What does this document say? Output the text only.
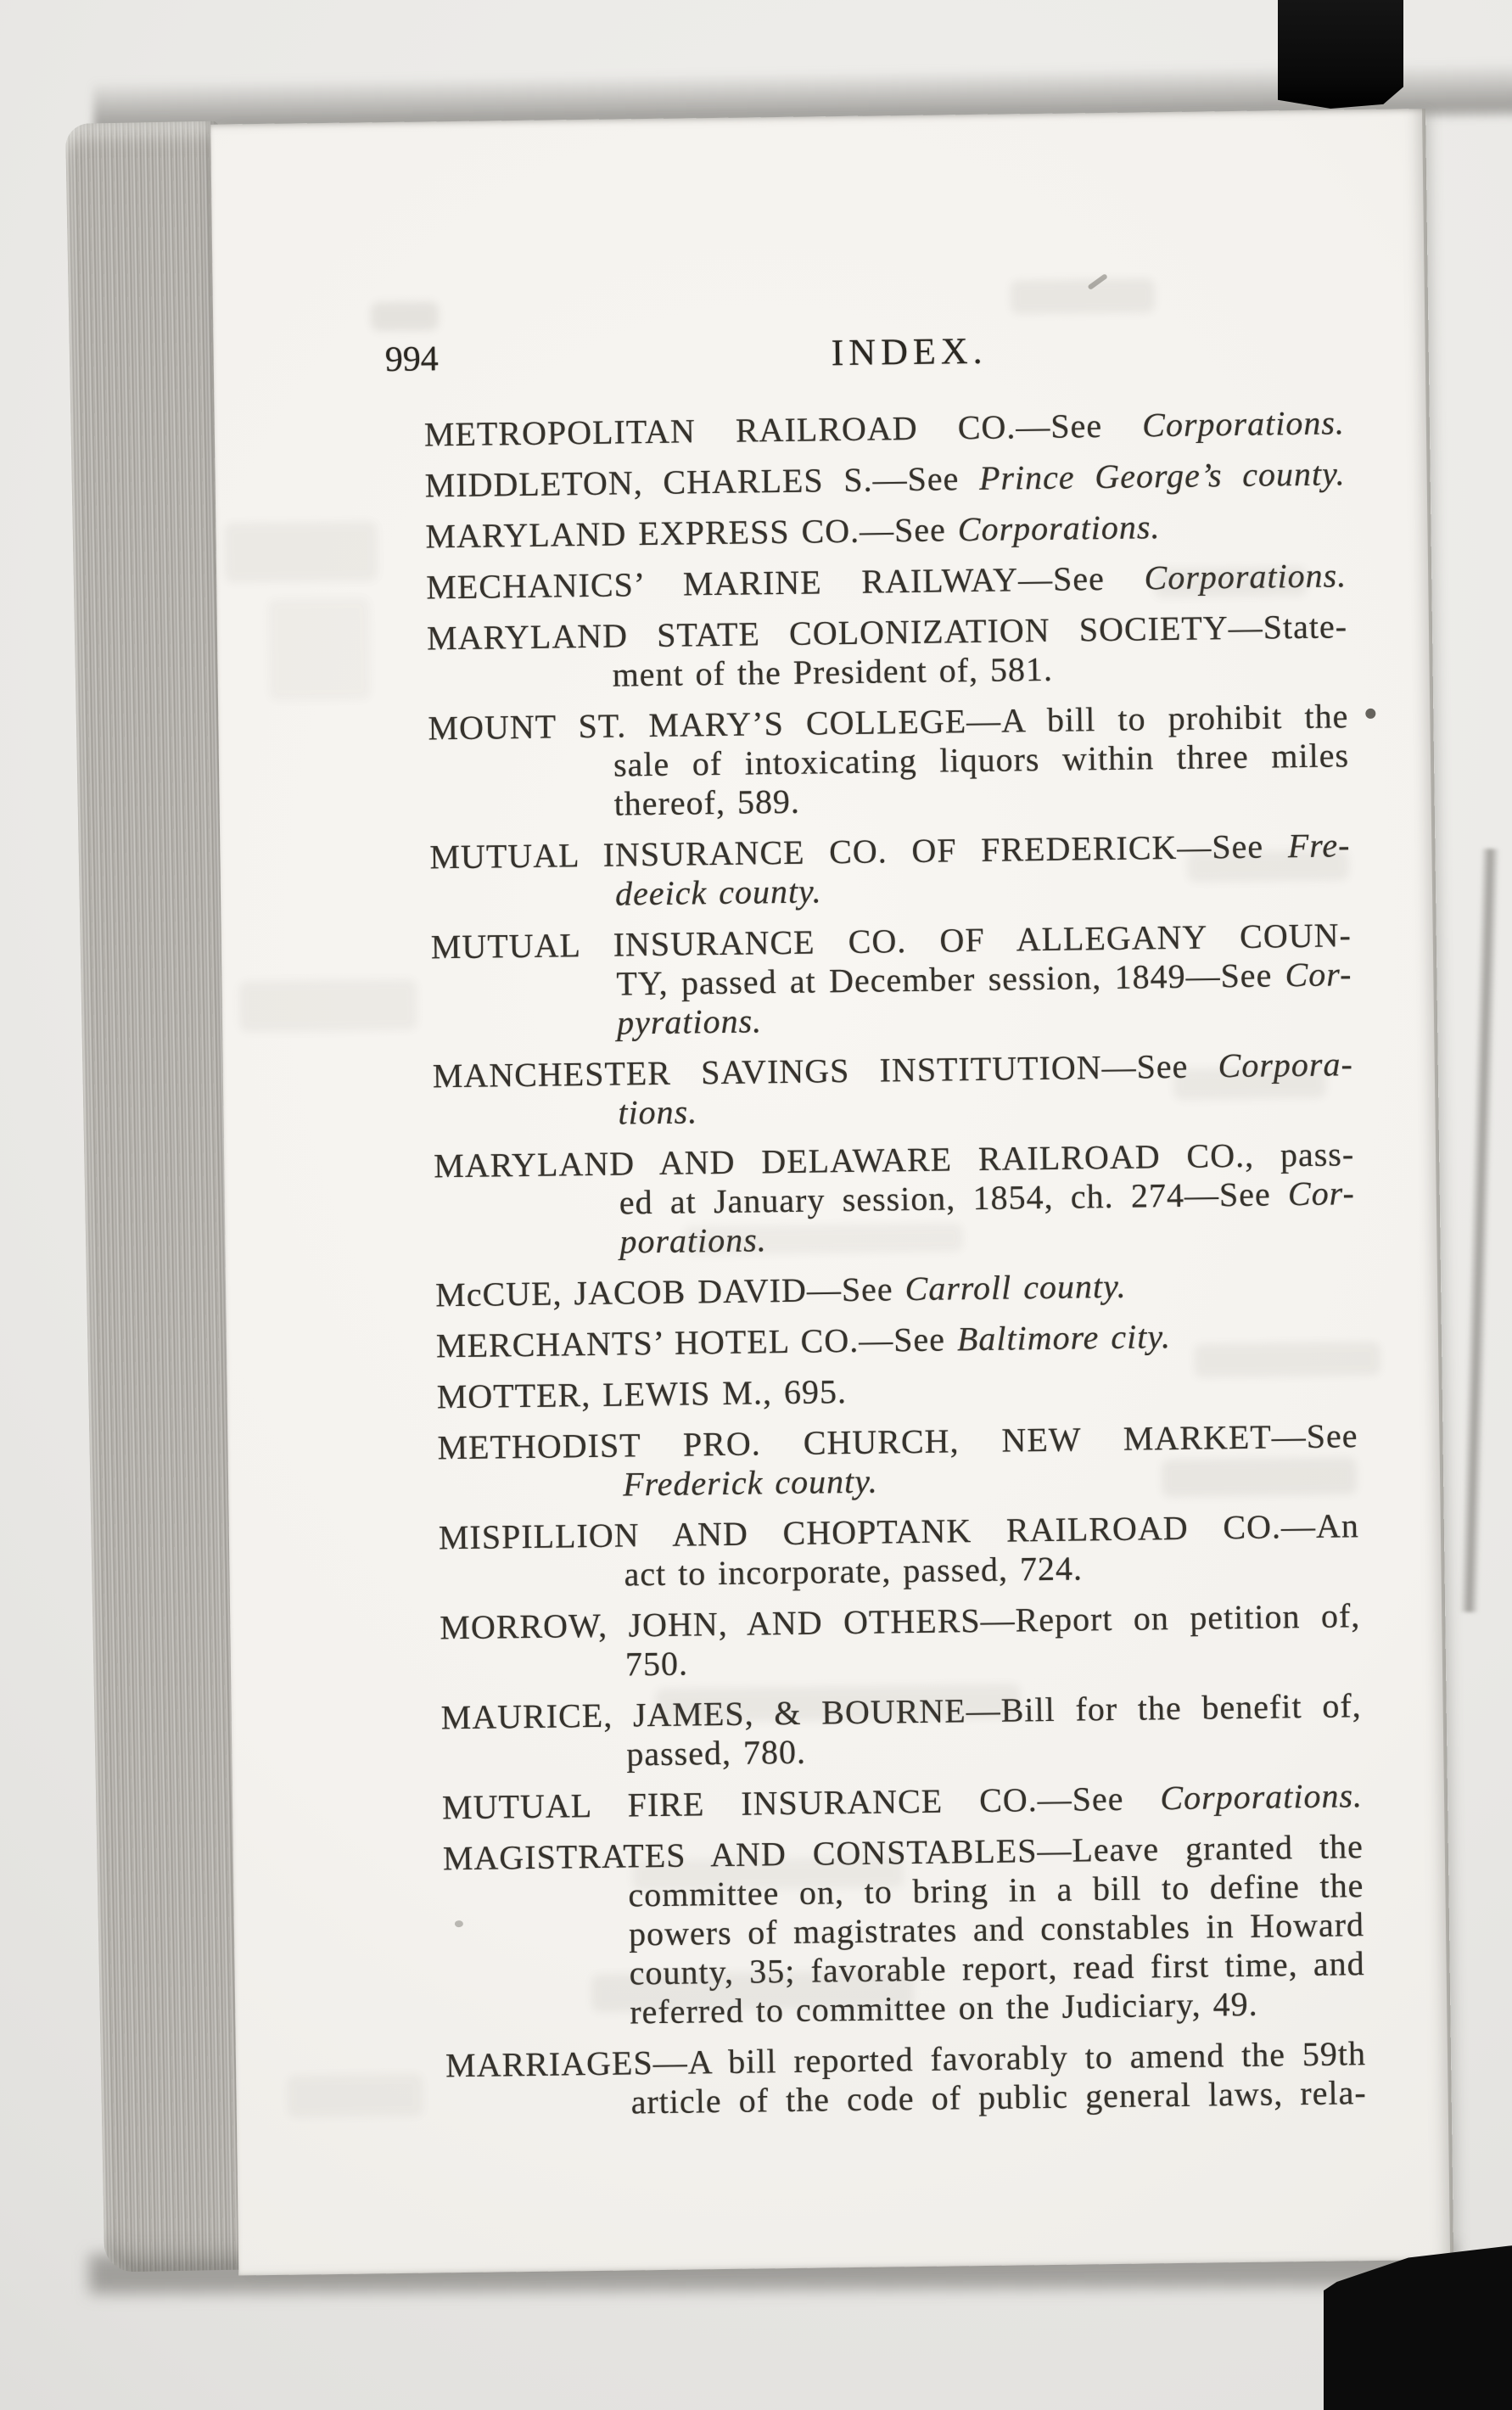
994	INDEX.
METROPOLITAN RAILROAD CO.—See Corporations.
MIDDLETON, CHARLES S.—See Prince George’s county.
MARYLAND EXPRESS CO.—See Corporations.
MECHANICS’ MARINE RAILWAY—See Corporations.
MARYLAND STATE COLONIZATION SOCIETY—State-
ment of the President of, 581.
MOUNT ST. MARY’S COLLEGE—A bill to prohibit the
sale of intoxicating liquors within three miles
thereof, 589.
MUTUAL INSURANCE CO. OF FREDERICK—See Fre-
deeick county.
MUTUAL INSURANCE CO. OF ALLEGANY COUN-
TY, passed at December session, 1849—See Cor-
pyrations.
MANCHESTER SAVINGS INSTITUTION—See Corpora-
tions.
MARYLAND AND DELAWARE RAILROAD CO., pass-
ed at January session, 1854, ch. 274—See Cor-
porations.
McCUE, JACOB DAVID—See Carroll county.
MERCHANTS’ HOTEL CO.—See Baltimore city.
MOTTER, LEWIS M., 695.
METHODIST PRO. CHURCH, NEW MARKET—See
Frederick county.
MISPILLION AND CHOPTANK RAILROAD CO.—An
act to incorporate, passed, 724.
MORROW, JOHN, AND OTHERS—Report on petition of,
750.
MAURICE, JAMES, & BOURNE—Bill for the benefit of,
passed, 780.
MUTUAL FIRE INSURANCE CO.—See Corporations.
MAGISTRATES AND CONSTABLES—Leave granted the
committee on, to bring in a bill to define the
powers of magistrates and constables in Howard
county, 35; favorable report, read first time, and
referred to committee on the Judiciary, 49.
MARRIAGES—A bill reported favorably to amend the 59th
article of the code of public general laws, rela-
